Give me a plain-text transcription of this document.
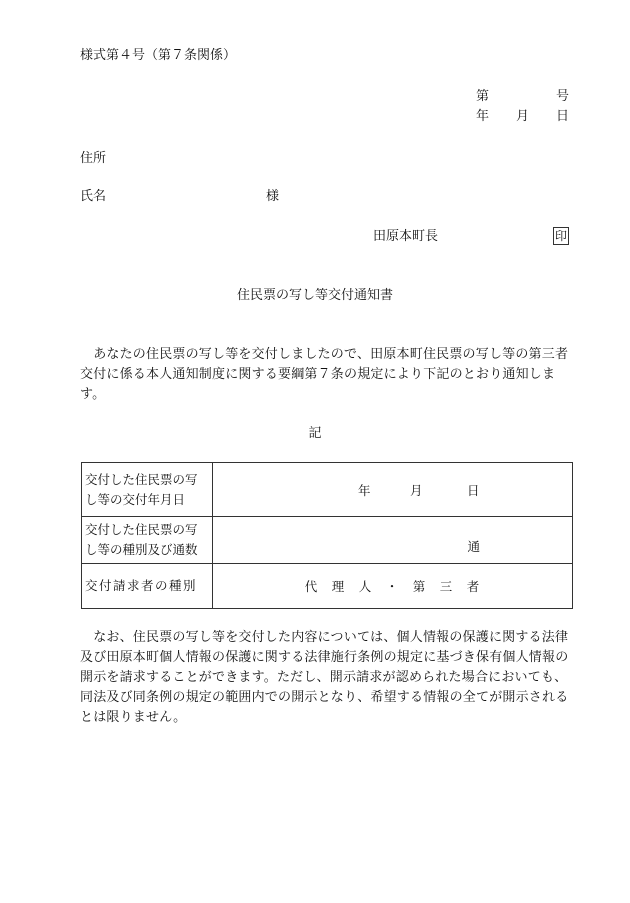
様式第４号（第７条関係）
第	号
年 月 日
住所
氏名	様
田原本町長	印
住民票の写し等交付通知書
　あなたの住民票の写し等を交付しましたので、田原本町住民票の写し等の第三者交付に係る本人通知制度に関する要綱第７条の規定により下記のとおり通知します。
記
交付した住民票の写し等の交付年月日	年 月 日

交付した住民票の写し等の種別及び通数	通
交付請求者の種別	代　理　人　・　第　三　者
　なお、住民票の写し等を交付した内容については、個人情報の保護に関する法律及び田原本町個人情報の保護に関する法律施行条例の規定に基づき保有個人情報の開示を請求することができます。ただし、開示請求が認められた場合においても、同法及び同条例の規定の範囲内での開示となり、希望する情報の全てが開示されるとは限りません。
